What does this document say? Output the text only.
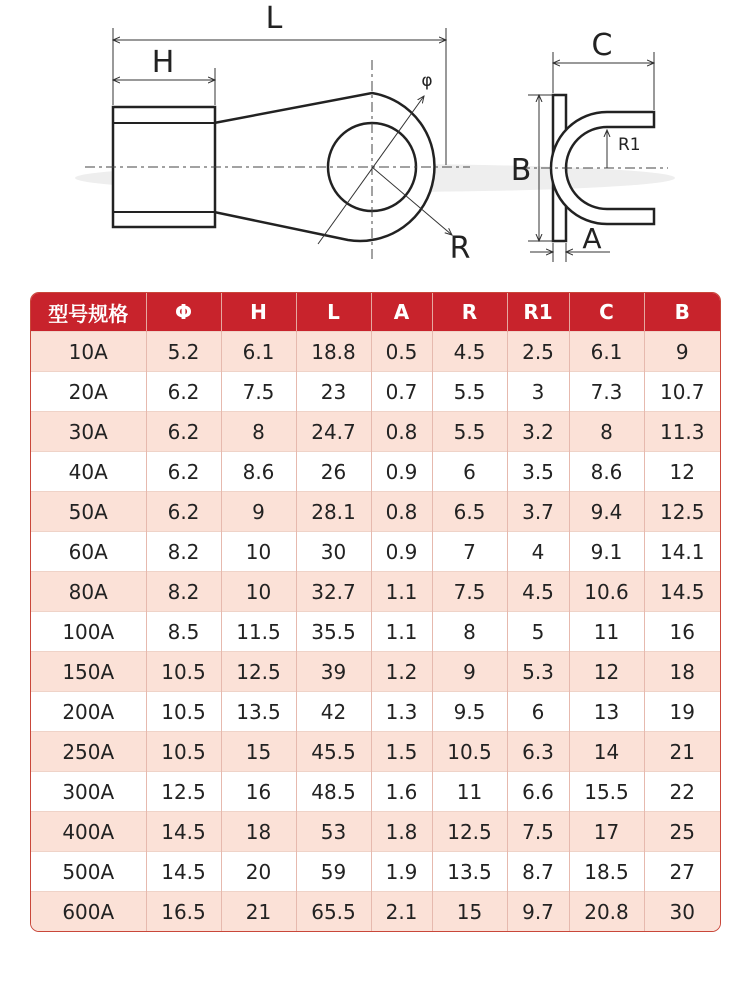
L
H
φ
R
C
R1
B
A
型号规格	Φ	H	L	A	R	R1	C	B
10A	5.2	6.1	18.8	0.5	4.5	2.5	6.1	9
20A	6.2	7.5	23	0.7	5.5	3	7.3	10.7
30A	6.2	8	24.7	0.8	5.5	3.2	8	11.3
40A	6.2	8.6	26	0.9	6	3.5	8.6	12
50A	6.2	9	28.1	0.8	6.5	3.7	9.4	12.5
60A	8.2	10	30	0.9	7	4	9.1	14.1
80A	8.2	10	32.7	1.1	7.5	4.5	10.6	14.5
100A	8.5	11.5	35.5	1.1	8	5	11	16
150A	10.5	12.5	39	1.2	9	5.3	12	18
200A	10.5	13.5	42	1.3	9.5	6	13	19
250A	10.5	15	45.5	1.5	10.5	6.3	14	21
300A	12.5	16	48.5	1.6	11	6.6	15.5	22
400A	14.5	18	53	1.8	12.5	7.5	17	25
500A	14.5	20	59	1.9	13.5	8.7	18.5	27
600A	16.5	21	65.5	2.1	15	9.7	20.8	30
